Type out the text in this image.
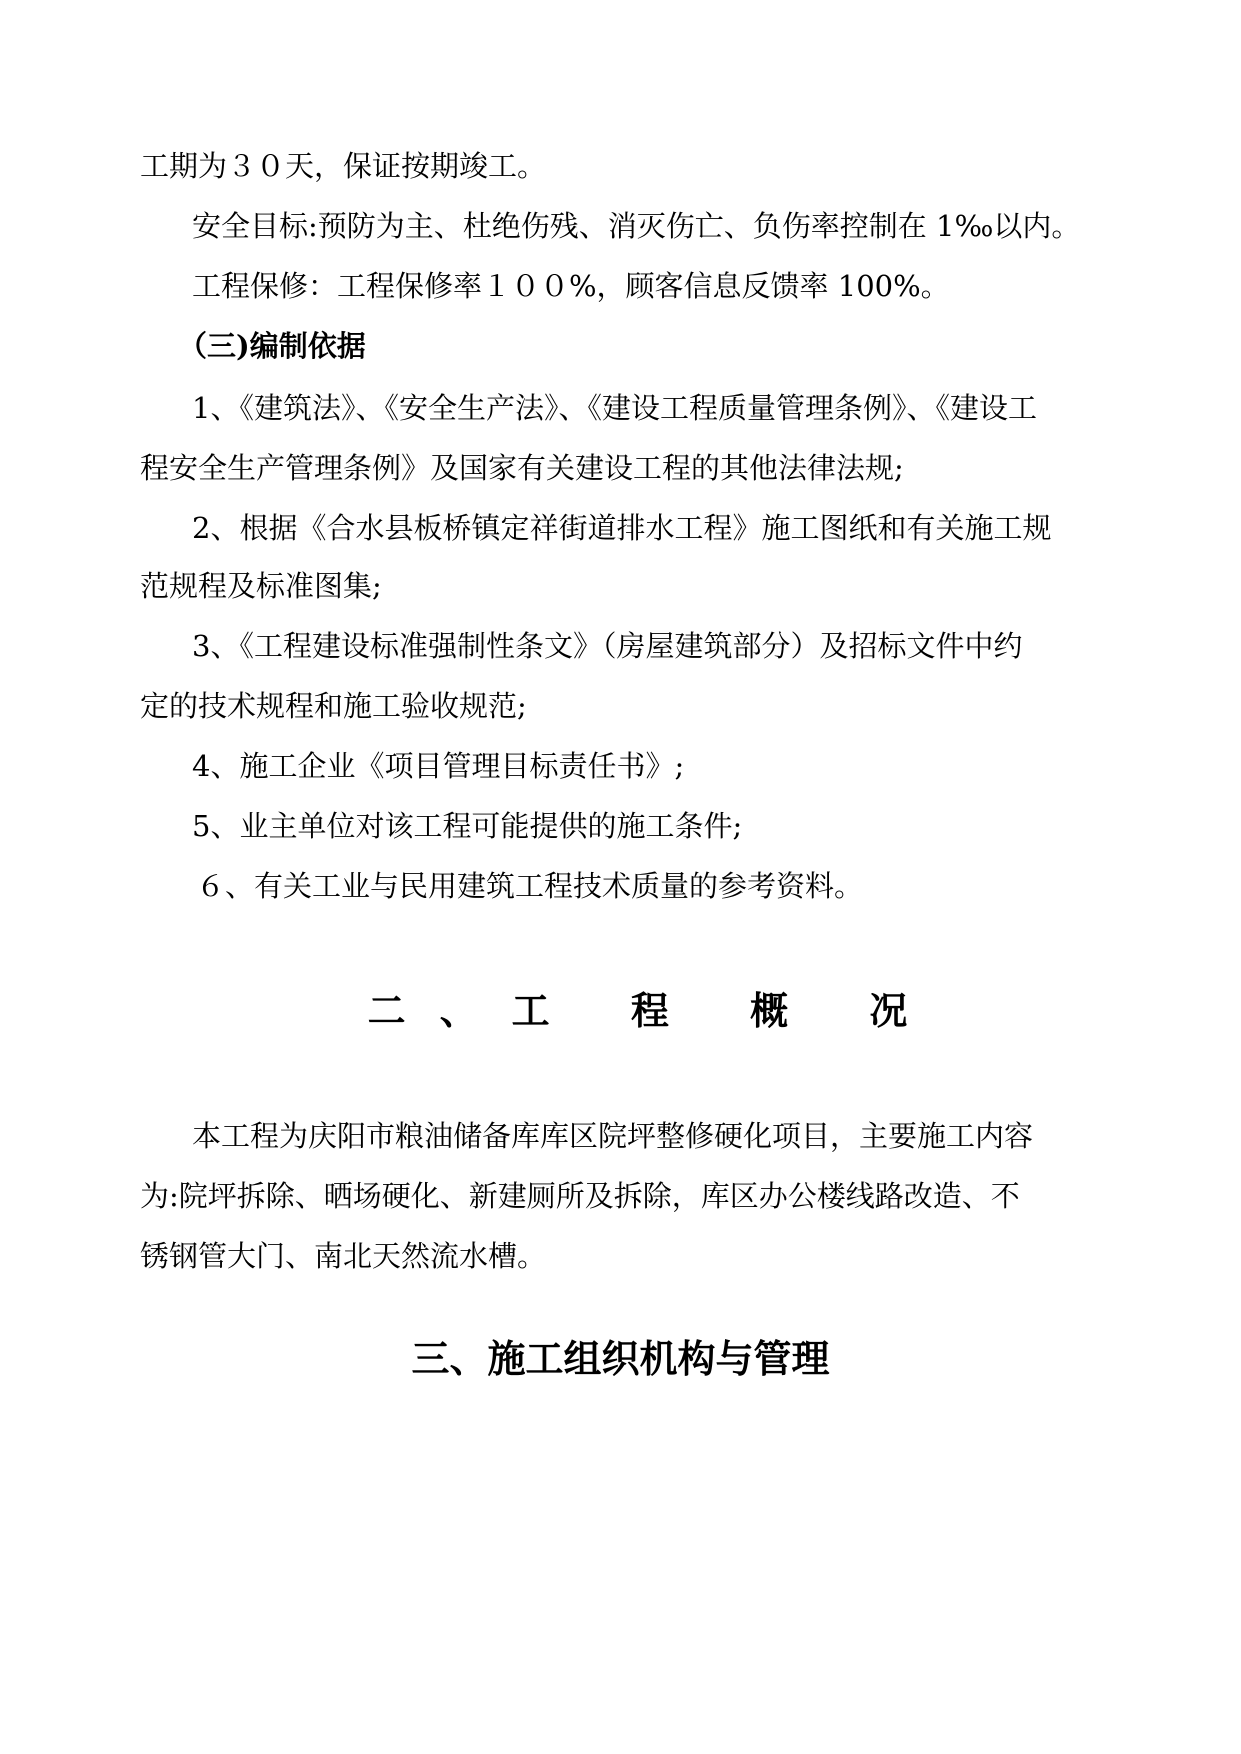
工期为３０天，保证按期竣工。
安全目标:预防为主、杜绝伤残、消灭伤亡、负伤率控制在 1‰以内。
工程保修：工程保修率１００%，顾客信息反馈率 100%。
（三)编制依据
1、《建筑法》、《安全生产法》、《建设工程质量管理条例》、《建设工
程安全生产管理条例》及国家有关建设工程的其他法律法规;
2、根据《合水县板桥镇定祥街道排水工程》施工图纸和有关施工规
范规程及标准图集;
3、《工程建设标准强制性条文》（房屋建筑部分）及招标文件中约
定的技术规程和施工验收规范;
4、施工企业《项目管理目标责任书》;
5、业主单位对该工程可能提供的施工条件;
６、有关工业与民用建筑工程技术质量的参考资料。
二、工 程 概 况
本工程为庆阳市粮油储备库库区院坪整修硬化项目，主要施工内容
为:院坪拆除、晒场硬化、新建厕所及拆除，库区办公楼线路改造、不
锈钢管大门、南北天然流水槽。
三、施工组织机构与管理
